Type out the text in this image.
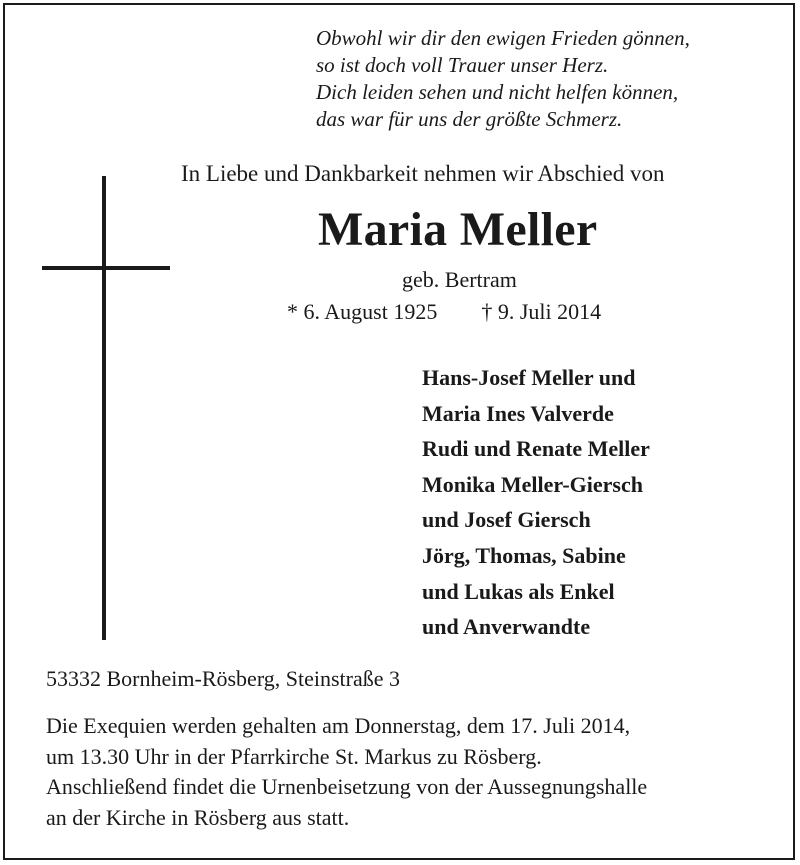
Obwohl wir dir den ewigen Frieden gönnen,
so ist doch voll Trauer unser Herz.
Dich leiden sehen und nicht helfen können,
das war für uns der größte Schmerz.
In Liebe und Dankbarkeit nehmen wir Abschied von
Maria Meller
geb. Bertram
* 6. August 1925 † 9. Juli 2014
Hans-Josef Meller und
Maria Ines Valverde
Rudi und Renate Meller
Monika Meller-Giersch
und Josef Giersch
Jörg, Thomas, Sabine
und Lukas als Enkel
und Anverwandte
53332 Bornheim-Rösberg, Steinstraße 3
Die Exequien werden gehalten am Donnerstag, dem 17. Juli 2014,
um 13.30 Uhr in der Pfarrkirche St. Markus zu Rösberg.
Anschließend findet die Urnenbeisetzung von der Aussegnungshalle
an der Kirche in Rösberg aus statt.
